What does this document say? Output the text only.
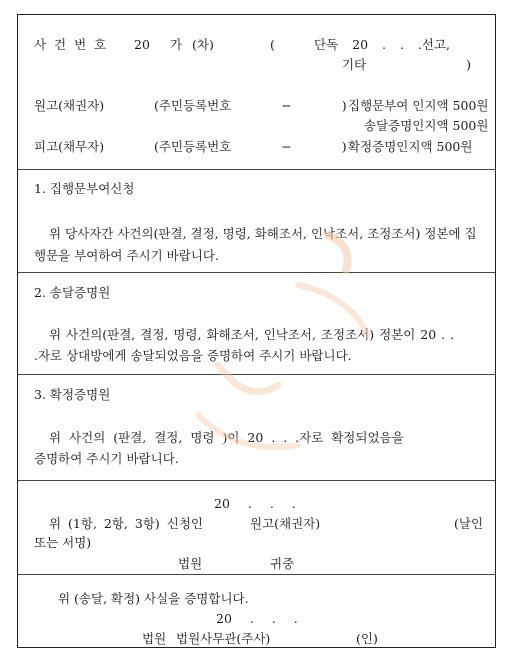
사 건 번 호 20 가 (차)	(	단독 20 . . .선고,
기타 )
원고(채권자)	(주민등록번호 − ) 집행문부여 인지액 500원
송달증명인지액 500원
피고(채무자)	(주민등록번호 − ) 확정증명인지액 500원
1. 집행문부여신청
위 당사자간 사건의(판결, 결정, 명령, 화해조서, 인낙조서, 조정조서) 정본에 집
행문을 부여하여 주시기 바랍니다.
2. 송달증명원
위 사건의(판결, 결정, 명령, 화해조서, 인낙조서, 조정조서) 정본이 20 . .
.자로 상대방에게 송달되었음을 증명하여 주시기 바랍니다.
3. 확정증명원
위 사건의 (판결, 결정, 명령 )이 20 . . .자로 확정되었음을
증명하여 주시기 바랍니다.
20 . . .
위 (1항, 2항, 3항) 신청인	원고(채권자)	(날인
또는 서명)
법원	귀중
위 (송달, 확정) 사실을 증명합니다.
20 . . .
법원 법원사무관(주사)	(인)
